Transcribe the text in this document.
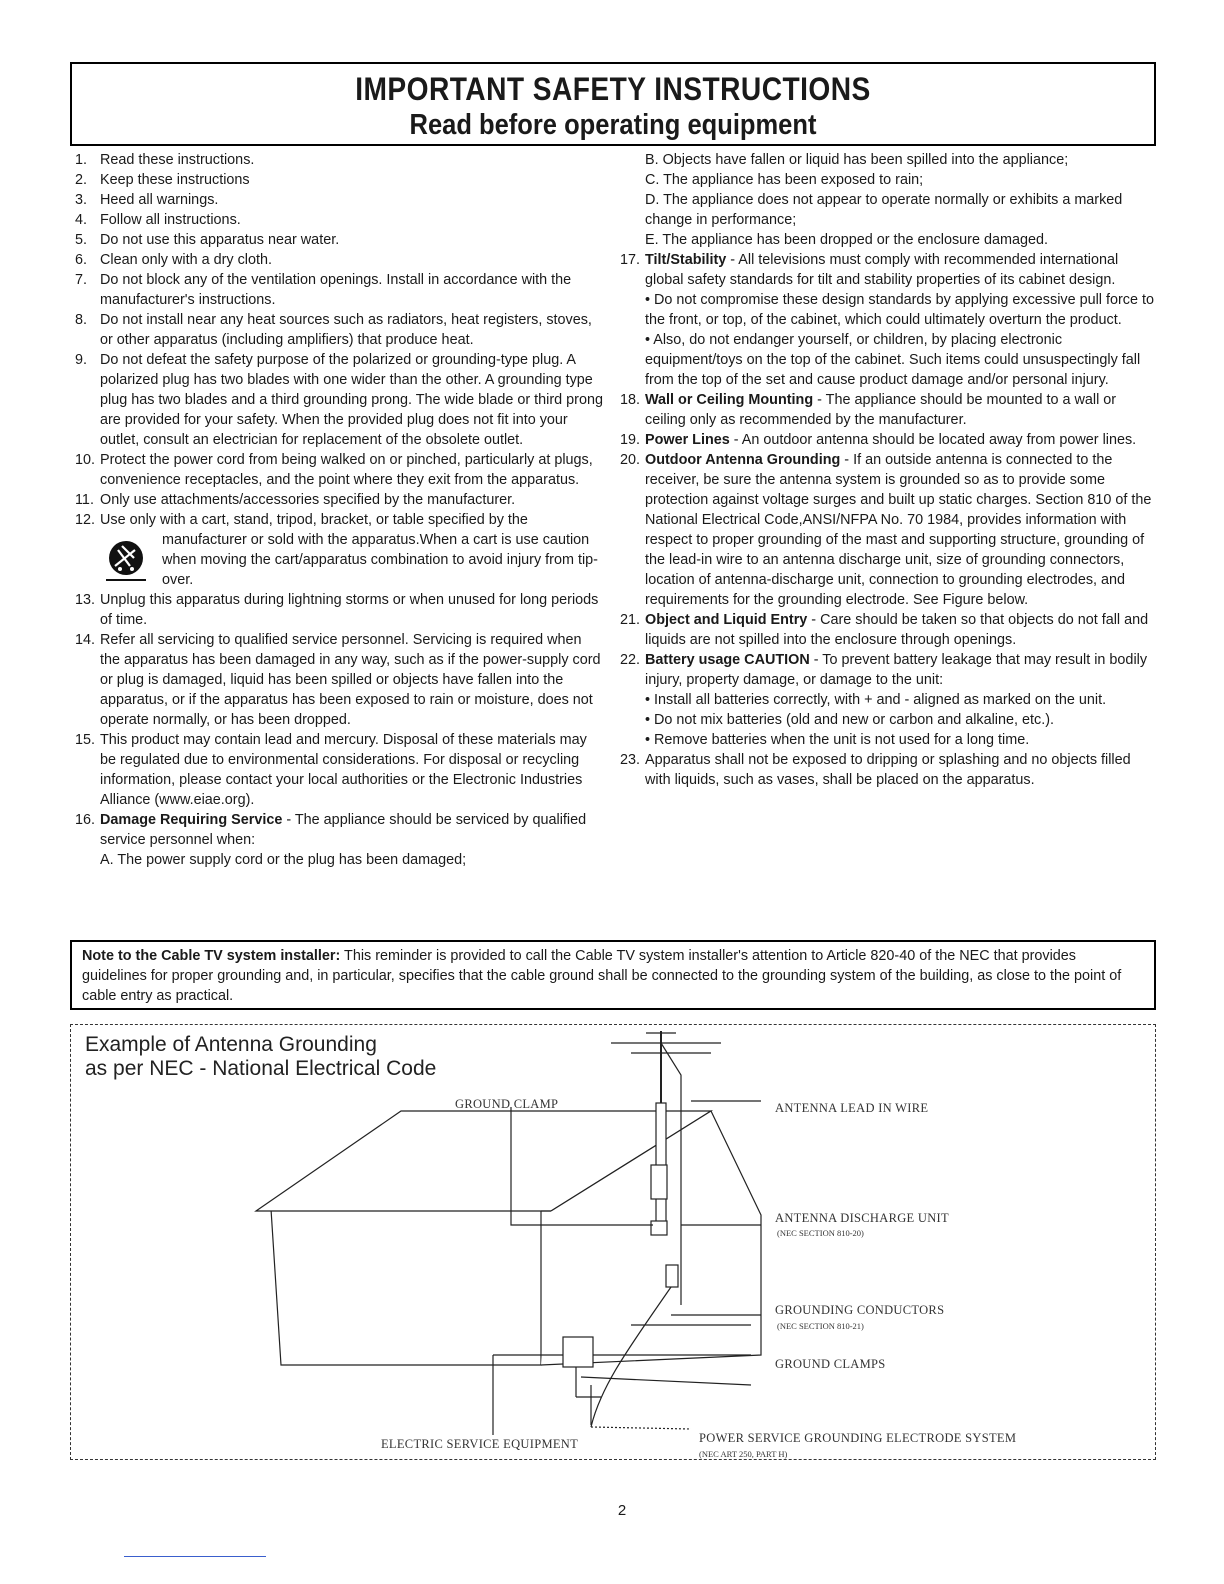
IMPORTANT SAFETY INSTRUCTIONS
Read before operating equipment
1. Read these instructions.
2. Keep these instructions
3. Heed all warnings.
4. Follow all instructions.
5. Do not use this apparatus near water.
6. Clean only with a dry cloth.
7. Do not block any of the ventilation openings. Install in accordance with the manufacturer's instructions.
8. Do not install near any heat sources such as radiators, heat registers, stoves, or other apparatus (including amplifiers) that produce heat.
9. Do not defeat the safety purpose of the polarized or grounding-type plug. A polarized plug has two blades with one wider than the other. A grounding type plug has two blades and a third grounding prong. The wide blade or third prong are provided for your safety. When the provided plug does not fit into your outlet, consult an electrician for replacement of the obsolete outlet.
10. Protect the power cord from being walked on or pinched, particularly at plugs, convenience receptacles, and the point where they exit from the apparatus.
11. Only use attachments/accessories specified by the manufacturer.
12. Use only with a cart, stand, tripod, bracket, or table specified by the
manufacturer or sold with the apparatus.When a cart is use caution when moving the cart/apparatus combination to avoid injury from tip-over.
13. Unplug this apparatus during lightning storms or when unused for long periods of time.
14. Refer all servicing to qualified service personnel. Servicing is required when the apparatus has been damaged in any way, such as if the power-supply cord or plug is damaged, liquid has been spilled or objects have fallen into the apparatus, or if the apparatus has been exposed to rain or moisture, does not operate normally, or has been dropped.
15. This product may contain lead and mercury. Disposal of these materials may be regulated due to environmental considerations. For disposal or recycling information, please contact your local authorities or the Electronic Industries Alliance (www.eiae.org).
16. Damage Requiring Service - The appliance should be serviced by qualified service personnel when:
A. The power supply cord or the plug has been damaged;
B. Objects have fallen or liquid has been spilled into the appliance;
C. The appliance has been exposed to rain;
D. The appliance does not appear to operate normally or exhibits a marked change in performance;
E. The appliance has been dropped or the enclosure damaged.
17. Tilt/Stability - All televisions must comply with recommended international global safety standards for tilt and stability properties of its cabinet design.
• Do not compromise these design standards by applying excessive pull force to the front, or top, of the cabinet, which could ultimately overturn the product.
• Also, do not endanger yourself, or children, by placing electronic equipment/toys on the top of the cabinet. Such items could unsuspectingly fall from the top of the set and cause product damage and/or personal injury.
18. Wall or Ceiling Mounting - The appliance should be mounted to a wall or ceiling only as recommended by the manufacturer.
19. Power Lines - An outdoor antenna should be located away from power lines.
20. Outdoor Antenna Grounding - If an outside antenna is connected to the receiver, be sure the antenna system is grounded so as to provide some protection against voltage surges and built up static charges. Section 810 of the National Electrical Code,ANSI/NFPA No. 70 1984, provides information with respect to proper grounding of the mast and supporting structure, grounding of the lead-in wire to an antenna discharge unit, size of grounding connectors, location of antenna-discharge unit, connection to grounding electrodes, and requirements for the grounding electrode. See Figure below.
21. Object and Liquid Entry - Care should be taken so that objects do not fall and liquids are not spilled into the enclosure through openings.
22. Battery usage CAUTION - To prevent battery leakage that may result in bodily injury, property damage, or damage to the unit:
• Install all batteries correctly, with + and - aligned as marked on the unit.
• Do not mix batteries (old and new or carbon and alkaline, etc.).
• Remove batteries when the unit is not used for a long time.
23. Apparatus shall not be exposed to dripping or splashing and no objects filled with liquids, such as vases, shall be placed on the apparatus.
Note to the Cable TV system installer: This reminder is provided to call the Cable TV system installer's attention to Article 820-40 of the NEC that provides guidelines for proper grounding and, in particular, specifies that the cable ground shall be connected to the grounding system of the building, as close to the point of cable entry as practical.
Example of Antenna Grounding
as per NEC - National Electrical Code
GROUND CLAMP	ANTENNA LEAD IN WIRE
ANTENNA DISCHARGE UNIT
(NEC SECTION 810-20)
GROUNDING CONDUCTORS
(NEC SECTION 810-21)
GROUND CLAMPS
POWER SERVICE GROUNDING ELECTRODE SYSTEM
(NEC ART 250, PART H)
ELECTRIC SERVICE EQUIPMENT
2
